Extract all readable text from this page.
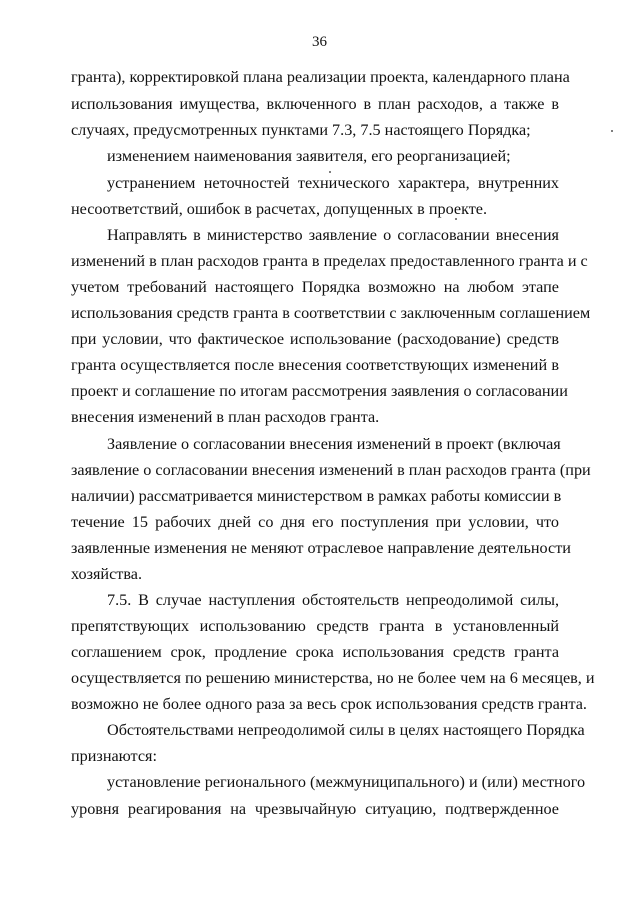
36
гранта), корректировкой плана реализации проекта, календарного плана
использования имущества, включенного в план расходов, а также в
случаях, предусмотренных пунктами 7.3, 7.5 настоящего Порядка;
изменением наименования заявителя, его реорганизацией;
устранением неточностей технического характера, внутренних
несоответствий, ошибок в расчетах, допущенных в проекте.
Направлять в министерство заявление о согласовании внесения
изменений в план расходов гранта в пределах предоставленного гранта и с
учетом требований настоящего Порядка возможно на любом этапе
использования средств гранта в соответствии с заключенным соглашением
при условии, что фактическое использование (расходование) средств
гранта осуществляется после внесения соответствующих изменений в
проект и соглашение по итогам рассмотрения заявления о согласовании
внесения изменений в план расходов гранта.
Заявление о согласовании внесения изменений в проект (включая
заявление о согласовании внесения изменений в план расходов гранта (при
наличии) рассматривается министерством в рамках работы комиссии в
течение 15 рабочих дней со дня его поступления при условии, что
заявленные изменения не меняют отраслевое направление деятельности
хозяйства.
7.5. В случае наступления обстоятельств непреодолимой силы,
препятствующих использованию средств гранта в установленный
соглашением срок, продление срока использования средств гранта
осуществляется по решению министерства, но не более чем на 6 месяцев, и
возможно не более одного раза за весь срок использования средств гранта.
Обстоятельствами непреодолимой силы в целях настоящего Порядка
признаются:
установление регионального (межмуниципального) и (или) местного
уровня реагирования на чрезвычайную ситуацию, подтвержденное
